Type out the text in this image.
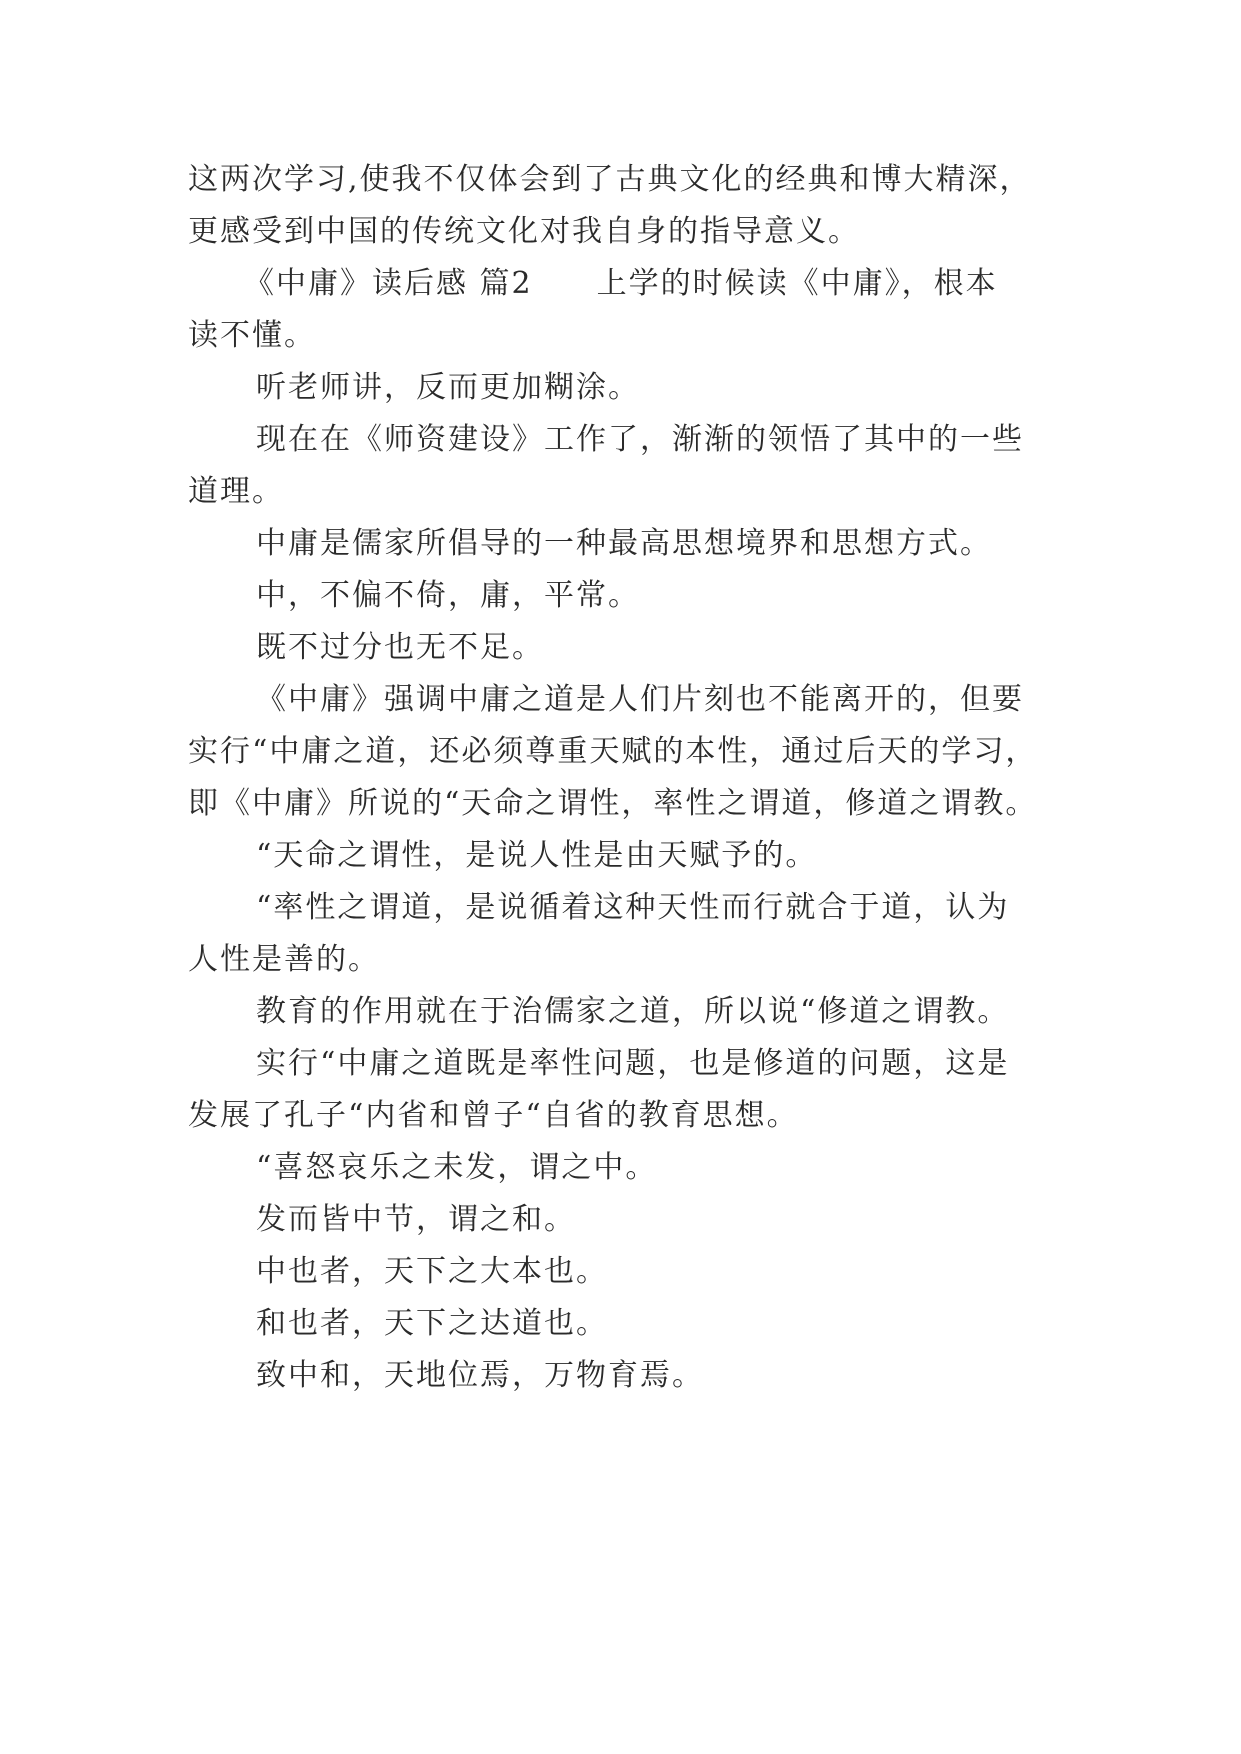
这两次学习,使我不仅体会到了古典文化的经典和博大精深，
更感受到中国的传统文化对我自身的指导意义。
《中庸》读后感 篇2　　上学的时候读《中庸》，根本
读不懂。
听老师讲，反而更加糊涂。
现在在《师资建设》工作了，渐渐的领悟了其中的一些
道理。
中庸是儒家所倡导的一种最高思想境界和思想方式。
中，不偏不倚，庸，平常。
既不过分也无不足。
《中庸》强调中庸之道是人们片刻也不能离开的，但要
实行“中庸之道，还必须尊重天赋的本性，通过后天的学习，
即《中庸》所说的“天命之谓性，率性之谓道，修道之谓教。
“天命之谓性，是说人性是由天赋予的。
“率性之谓道，是说循着这种天性而行就合于道，认为
人性是善的。
教育的作用就在于治儒家之道，所以说“修道之谓教。
实行“中庸之道既是率性问题，也是修道的问题，这是
发展了孔子“内省和曾子“自省的教育思想。
“喜怒哀乐之未发，谓之中。
发而皆中节，谓之和。
中也者，天下之大本也。
和也者，天下之达道也。
致中和，天地位焉，万物育焉。
